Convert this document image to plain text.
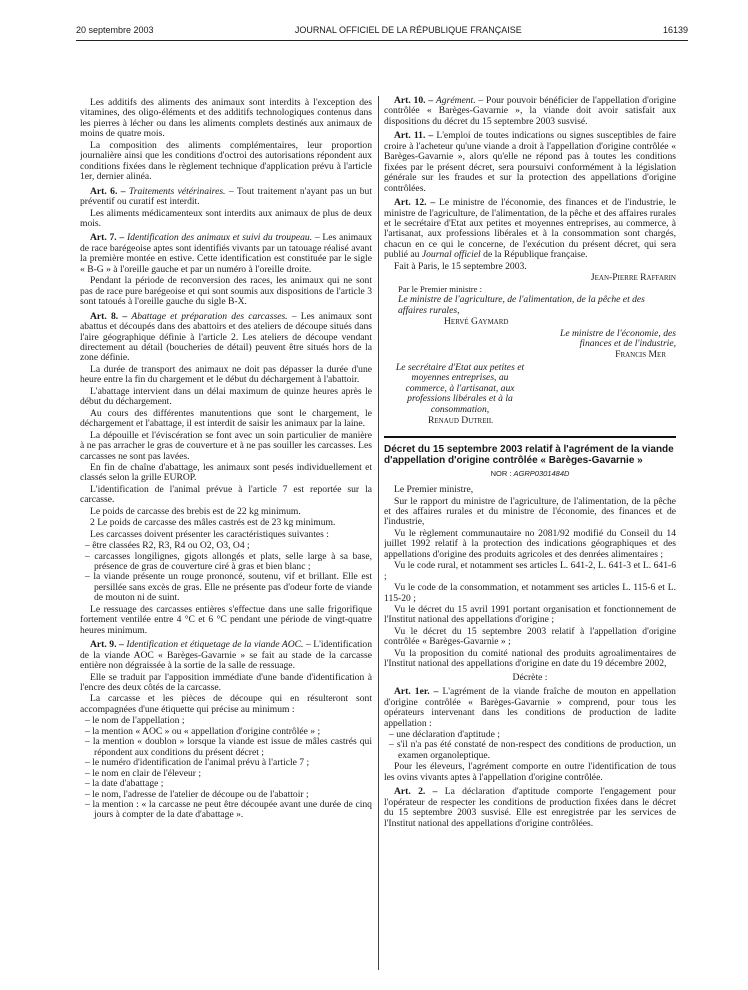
20 septembre 2003	JOURNAL OFFICIEL DE LA RÉPUBLIQUE FRANÇAISE	16139

Les additifs des aliments des animaux sont interdits à l'exception des vitamines, des oligo-éléments et des additifs technologiques contenus dans les pierres à lécher ou dans les aliments complets destinés aux animaux de moins de quatre mois.

La composition des aliments complémentaires, leur proportion journalière ainsi que les conditions d'octroi des autorisations répondent aux conditions fixées dans le règlement technique d'application prévu à l'article 1er, dernier alinéa.

Art. 6. – Traitements vétérinaires. – Tout traitement n'ayant pas un but préventif ou curatif est interdit.

Les aliments médicamenteux sont interdits aux animaux de plus de deux mois.

Art. 7. – Identification des animaux et suivi du troupeau. – Les animaux de race barégeoise aptes sont identifiés vivants par un tatouage réalisé avant la première montée en estive. Cette identification est constituée par le sigle « B-G » à l'oreille gauche et par un numéro à l'oreille droite.

Pendant la période de reconversion des races, les animaux qui ne sont pas de race pure barégeoise et qui sont soumis aux dispositions de l'article 3 sont tatoués à l'oreille gauche du sigle B-X.

Art. 8. – Abattage et préparation des carcasses. – Les animaux sont abattus et découpés dans des abattoirs et des ateliers de découpe situés dans l'aire géographique définie à l'article 2. Les ateliers de découpe vendant directement au détail (boucheries de détail) peuvent être situés hors de la zone définie.

La durée de transport des animaux ne doit pas dépasser la durée d'une heure entre la fin du chargement et le début du déchargement à l'abattoir.

L'abattage intervient dans un délai maximum de quinze heures après le début du déchargement.

Au cours des différentes manutentions que sont le chargement, le déchargement et l'abattage, il est interdit de saisir les animaux par la laine.

La dépouille et l'éviscération se font avec un soin particulier de manière à ne pas arracher le gras de couverture et à ne pas souiller les carcasses. Les carcasses ne sont pas lavées.

En fin de chaîne d'abattage, les animaux sont pesés individuellement et classés selon la grille EUROP.

L'identification de l'animal prévue à l'article 7 est reportée sur la carcasse.

Le poids de carcasse des brebis est de 22 kg minimum.

2 Le poids de carcasse des mâles castrés est de 23 kg minimum.

Les carcasses doivent présenter les caractéristiques suivantes :

– être classées R2, R3, R4 ou O2, O3, O4 ;
– carcasses longilignes, gigots allongés et plats, selle large à sa base, présence de gras de couverture ciré à gras et bien blanc ;
– la viande présente un rouge prononcé, soutenu, vif et brillant. Elle est persillée sans excès de gras. Elle ne présente pas d'odeur forte de viande de mouton ni de suint.

Le ressuage des carcasses entières s'effectue dans une salle frigorifique fortement ventilée entre 4 °C et 6 °C pendant une période de vingt-quatre heures minimum.

Art. 9. – Identification et étiquetage de la viande AOC. – L'identification de la viande AOC « Barèges-Gavarnie » se fait au stade de la carcasse entière non dégraissée à la sortie de la salle de ressuage.

Elle se traduit par l'apposition immédiate d'une bande d'identification à l'encre des deux côtés de la carcasse.

La carcasse et les pièces de découpe qui en résulteront sont accompagnées d'une étiquette qui précise au minimum :

– le nom de l'appellation ;
– la mention « AOC » ou « appellation d'origine contrôlée » ;
– la mention « doublon » lorsque la viande est issue de mâles castrés qui répondent aux conditions du présent décret ;
– le numéro d'identification de l'animal prévu à l'article 7 ;
– le nom en clair de l'éleveur ;
– la date d'abattage ;
– le nom, l'adresse de l'atelier de découpe ou de l'abattoir ;
– la mention : « la carcasse ne peut être découpée avant une durée de cinq jours à compter de la date d'abattage ».

Art. 10. – Agrément. – Pour pouvoir bénéficier de l'appellation d'origine contrôlée « Barèges-Gavarnie », la viande doit avoir satisfait aux dispositions du décret du 15 septembre 2003 susvisé.

Art. 11. – L'emploi de toutes indications ou signes susceptibles de faire croire à l'acheteur qu'une viande a droit à l'appellation d'origine contrôlée « Barèges-Gavarnie », alors qu'elle ne répond pas à toutes les conditions fixées par le présent décret, sera poursuivi conformément à la législation générale sur les fraudes et sur la protection des appellations d'origine contrôlées.

Art. 12. – Le ministre de l'économie, des finances et de l'industrie, le ministre de l'agriculture, de l'alimentation, de la pêche et des affaires rurales et le secrétaire d'Etat aux petites et moyennes entreprises, au commerce, à l'artisanat, aux professions libérales et à la consommation sont chargés, chacun en ce qui le concerne, de l'exécution du présent décret, qui sera publié au Journal officiel de la République française.

Fait à Paris, le 15 septembre 2003.

Jean-Pierre Raffarin

Par le Premier ministre :

Le ministre de l'agriculture, de l'alimentation, de la pêche et des affaires rurales,

Hervé Gaymard

Le ministre de l'économie, des finances et de l'industrie,

Francis Mer

Le secrétaire d'Etat aux petites et moyennes entreprises, au commerce, à l'artisanat, aux professions libérales et à la consommation,

Renaud Dutreil

Décret du 15 septembre 2003 relatif à l'agrément de la viande d'appellation d'origine contrôlée « Barèges-Gavarnie »

NOR : AGRP0301484D

Le Premier ministre,

Sur le rapport du ministre de l'agriculture, de l'alimentation, de la pêche et des affaires rurales et du ministre de l'économie, des finances et de l'industrie,

Vu le règlement communautaire no 2081/92 modifié du Conseil du 14 juillet 1992 relatif à la protection des indications géographiques et des appellations d'origine des produits agricoles et des denrées alimentaires ;

Vu le code rural, et notamment ses articles L. 641-2, L. 641-3 et L. 641-6 ;

Vu le code de la consommation, et notamment ses articles L. 115-6 et L. 115-20 ;

Vu le décret du 15 avril 1991 portant organisation et fonctionnement de l'Institut national des appellations d'origine ;

Vu le décret du 15 septembre 2003 relatif à l'appellation d'origine contrôlée « Barèges-Gavarnie » ;

Vu la proposition du comité national des produits agroalimentaires de l'Institut national des appellations d'origine en date du 19 décembre 2002,

Décrète :

Art. 1er. – L'agrément de la viande fraîche de mouton en appellation d'origine contrôlée « Barèges-Gavarnie » comprend, pour tous les opérateurs intervenant dans les conditions de production de ladite appellation :

– une déclaration d'aptitude ;
– s'il n'a pas été constaté de non-respect des conditions de production, un examen organoleptique.

Pour les éleveurs, l'agrément comporte en outre l'identification de tous les ovins vivants aptes à l'appellation d'origine contrôlée.

Art. 2. – La déclaration d'aptitude comporte l'engagement pour l'opérateur de respecter les conditions de production fixées dans le décret du 15 septembre 2003 susvisé. Elle est enregistrée par les services de l'Institut national des appellations d'origine contrôlées.
